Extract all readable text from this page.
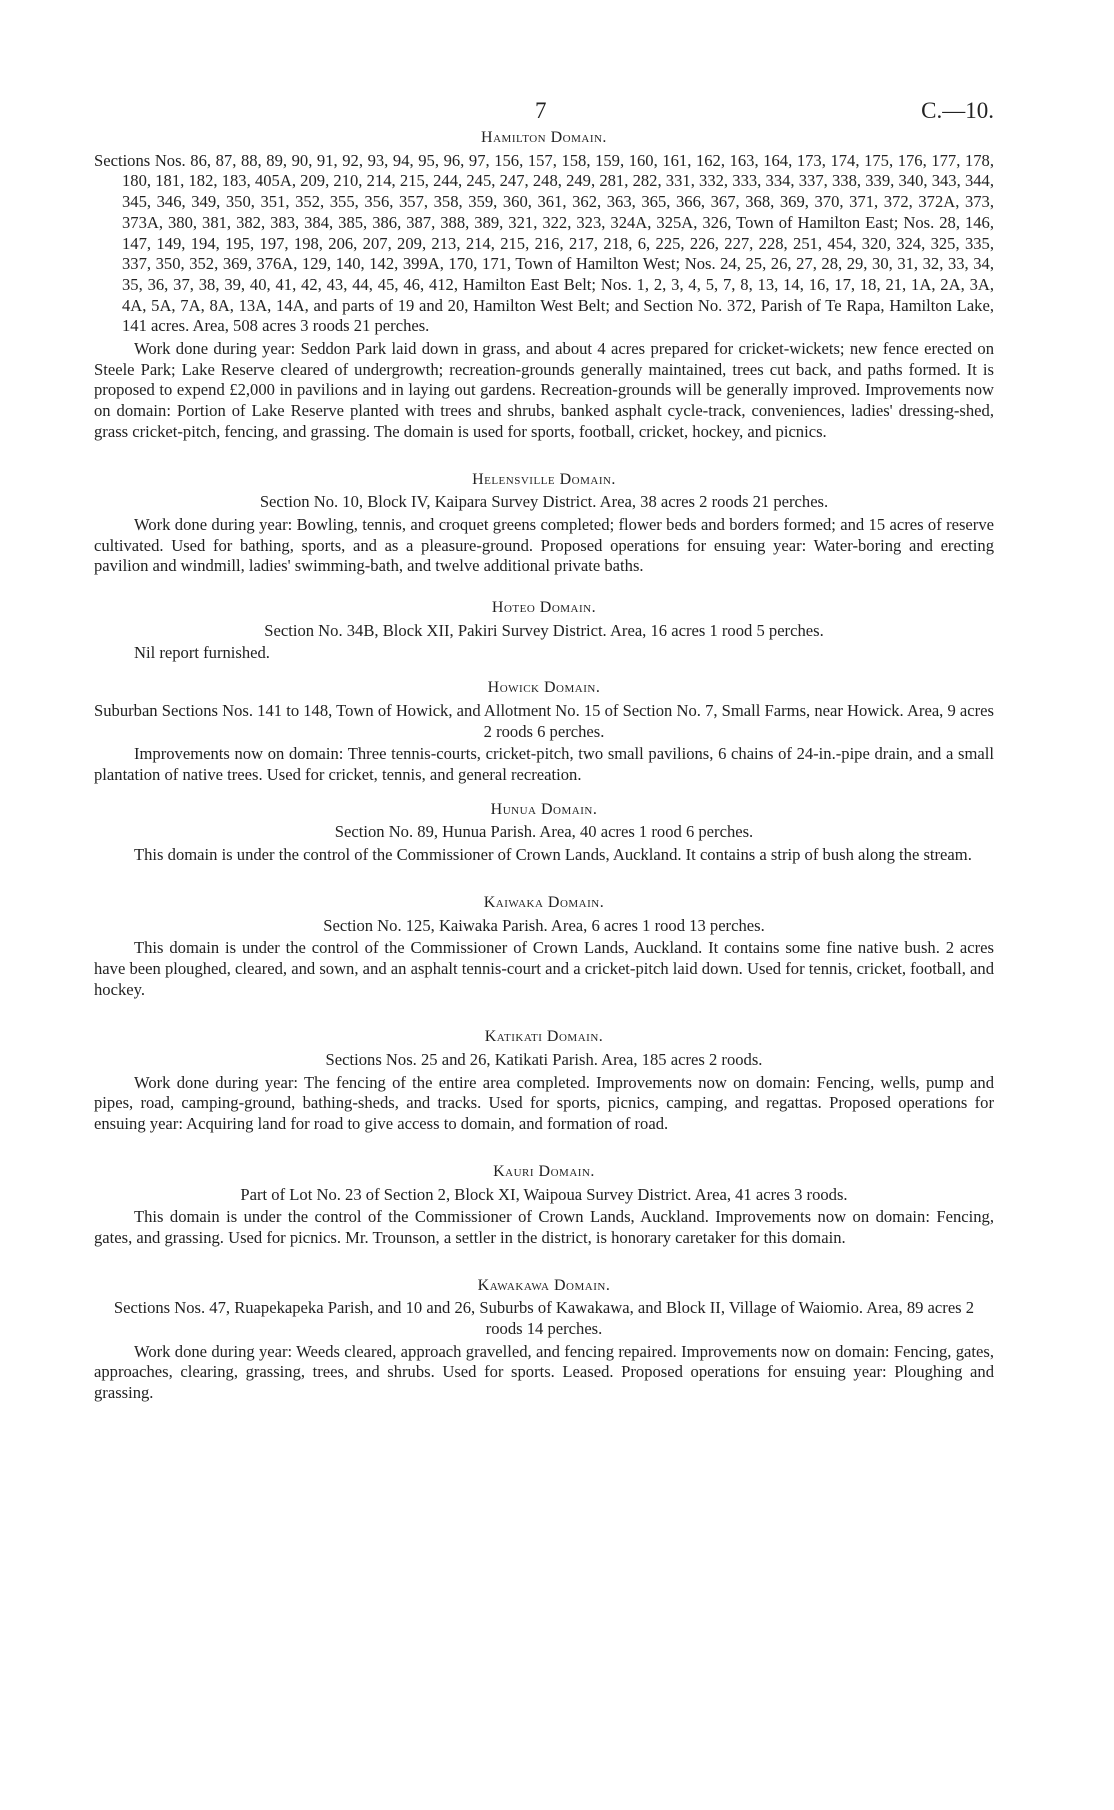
7	C.—10.
Hamilton Domain.

Sections Nos. 86, 87, 88, 89, 90, 91, 92, 93, 94, 95, 96, 97, 156, 157, 158, 159, 160, 161, 162, 163, 164, 173, 174, 175, 176, 177, 178, 180, 181, 182, 183, 405A, 209, 210, 214, 215, 244, 245, 247, 248, 249, 281, 282, 331, 332, 333, 334, 337, 338, 339, 340, 343, 344, 345, 346, 349, 350, 351, 352, 355, 356, 357, 358, 359, 360, 361, 362, 363, 365, 366, 367, 368, 369, 370, 371, 372, 372A, 373, 373A, 380, 381, 382, 383, 384, 385, 386, 387, 388, 389, 321, 322, 323, 324A, 325A, 326, Town of Hamilton East; Nos. 28, 146, 147, 149, 194, 195, 197, 198, 206, 207, 209, 213, 214, 215, 216, 217, 218, 6, 225, 226, 227, 228, 251, 454, 320, 324, 325, 335, 337, 350, 352, 369, 376A, 129, 140, 142, 399A, 170, 171, Town of Hamilton West; Nos. 24, 25, 26, 27, 28, 29, 30, 31, 32, 33, 34, 35, 36, 37, 38, 39, 40, 41, 42, 43, 44, 45, 46, 412, Hamilton East Belt; Nos. 1, 2, 3, 4, 5, 7, 8, 13, 14, 16, 17, 18, 21, 1A, 2A, 3A, 4A, 5A, 7A, 8A, 13A, 14A, and parts of 19 and 20, Hamilton West Belt; and Section No. 372, Parish of Te Rapa, Hamilton Lake, 141 acres. Area, 508 acres 3 roods 21 perches.

Work done during year: Seddon Park laid down in grass, and about 4 acres prepared for cricket-wickets; new fence erected on Steele Park; Lake Reserve cleared of undergrowth; recreation-grounds generally maintained, trees cut back, and paths formed. It is proposed to expend £2,000 in pavilions and in laying out gardens. Recreation-grounds will be generally improved. Improvements now on domain: Portion of Lake Reserve planted with trees and shrubs, banked asphalt cycle-track, conveniences, ladies' dressing-shed, grass cricket-pitch, fencing, and grassing. The domain is used for sports, football, cricket, hockey, and picnics.

Helensville Domain.

Section No. 10, Block IV, Kaipara Survey District. Area, 38 acres 2 roods 21 perches.

Work done during year: Bowling, tennis, and croquet greens completed; flower beds and borders formed; and 15 acres of reserve cultivated. Used for bathing, sports, and as a pleasure-ground. Proposed operations for ensuing year: Water-boring and erecting pavilion and windmill, ladies' swimming-bath, and twelve additional private baths.

Hoteo Domain.

Section No. 34B, Block XII, Pakiri Survey District. Area, 16 acres 1 rood 5 perches.

Nil report furnished.

Howick Domain.

Suburban Sections Nos. 141 to 148, Town of Howick, and Allotment No. 15 of Section No. 7, Small Farms, near Howick. Area, 9 acres 2 roods 6 perches.

Improvements now on domain: Three tennis-courts, cricket-pitch, two small pavilions, 6 chains of 24-in.-pipe drain, and a small plantation of native trees. Used for cricket, tennis, and general recreation.

Hunua Domain.

Section No. 89, Hunua Parish. Area, 40 acres 1 rood 6 perches.

This domain is under the control of the Commissioner of Crown Lands, Auckland. It contains a strip of bush along the stream.

Kaiwaka Domain.

Section No. 125, Kaiwaka Parish. Area, 6 acres 1 rood 13 perches.

This domain is under the control of the Commissioner of Crown Lands, Auckland. It contains some fine native bush. 2 acres have been ploughed, cleared, and sown, and an asphalt tennis-court and a cricket-pitch laid down. Used for tennis, cricket, football, and hockey.

Katikati Domain.

Sections Nos. 25 and 26, Katikati Parish. Area, 185 acres 2 roods.

Work done during year: The fencing of the entire area completed. Improvements now on domain: Fencing, wells, pump and pipes, road, camping-ground, bathing-sheds, and tracks. Used for sports, picnics, camping, and regattas. Proposed operations for ensuing year: Acquiring land for road to give access to domain, and formation of road.

Kauri Domain.

Part of Lot No. 23 of Section 2, Block XI, Waipoua Survey District. Area, 41 acres 3 roods.

This domain is under the control of the Commissioner of Crown Lands, Auckland. Improvements now on domain: Fencing, gates, and grassing. Used for picnics. Mr. Trounson, a settler in the district, is honorary caretaker for this domain.

Kawakawa Domain.

Sections Nos. 47, Ruapekapeka Parish, and 10 and 26, Suburbs of Kawakawa, and Block II, Village of Waiomio. Area, 89 acres 2 roods 14 perches.

Work done during year: Weeds cleared, approach gravelled, and fencing repaired. Improvements now on domain: Fencing, gates, approaches, clearing, grassing, trees, and shrubs. Used for sports. Leased. Proposed operations for ensuing year: Ploughing and grassing.
